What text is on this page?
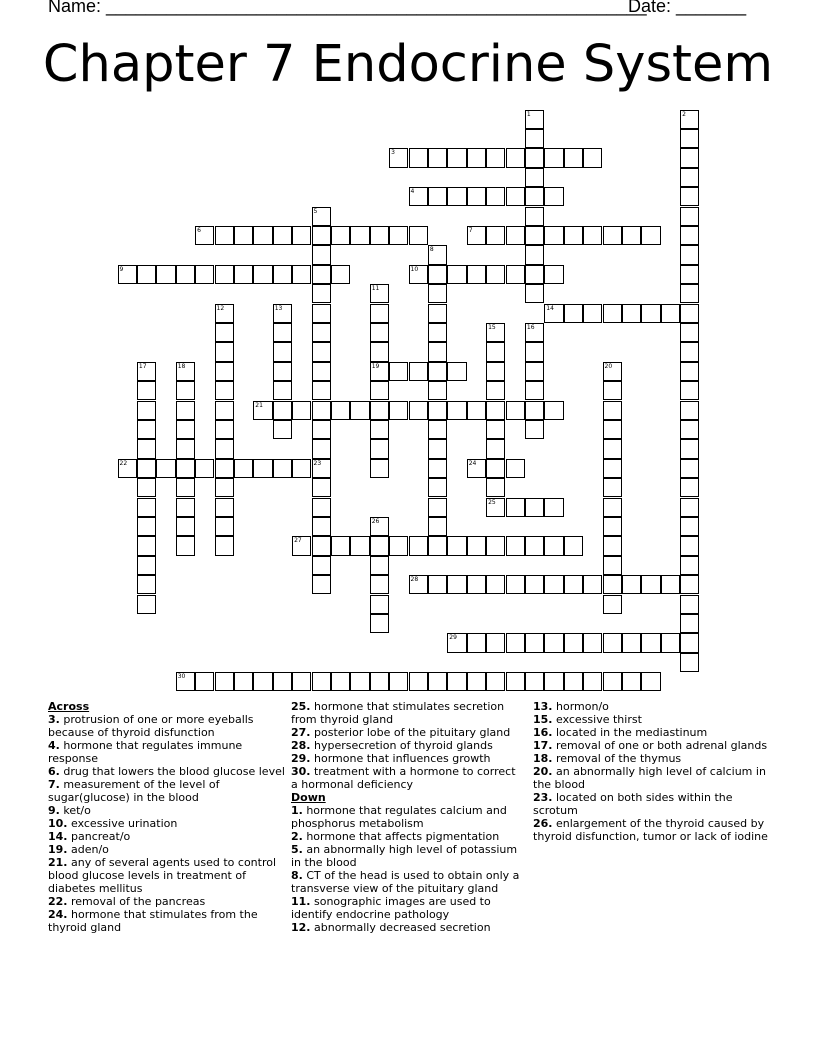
Name: ______________________________________________________
Date: _______
Chapter 7 Endocrine System
1	2
3
4
5
23
6	7
8
9	10
11
19
12	13	14
15
25
16
17	18	20
21
22	24
26
27
28
29
30
Across
3. protrusion of one or more eyeballs because of thyroid disfunction
4. hormone that regulates immune response
6. drug that lowers the blood glucose level
7. measurement of the level of sugar(glucose) in the blood
9. ket/o
10. excessive urination
14. pancreat/o
19. aden/o
21. any of several agents used to control blood glucose levels in treatment of diabetes mellitus
22. removal of the pancreas
24. hormone that stimulates from the thyroid gland
25. hormone that stimulates secretion from thyroid gland
27. posterior lobe of the pituitary gland
28. hypersecretion of thyroid glands
29. hormone that influences growth
30. treatment with a hormone to correct a hormonal deficiency
Down
1. hormone that regulates calcium and phosphorus metabolism
2. hormone that affects pigmentation
5. an abnormally high level of potassium in the blood
8. CT of the head is used to obtain only a transverse view of the pituitary gland
11. sonographic images are used to identify endocrine pathology
12. abnormally decreased secretion
13. hormon/o
15. excessive thirst
16. located in the mediastinum
17. removal of one or both adrenal glands
18. removal of the thymus
20. an abnormally high level of calcium in the blood
23. located on both sides within the scrotum
26. enlargement of the thyroid caused by thyroid disfunction, tumor or lack of iodine
